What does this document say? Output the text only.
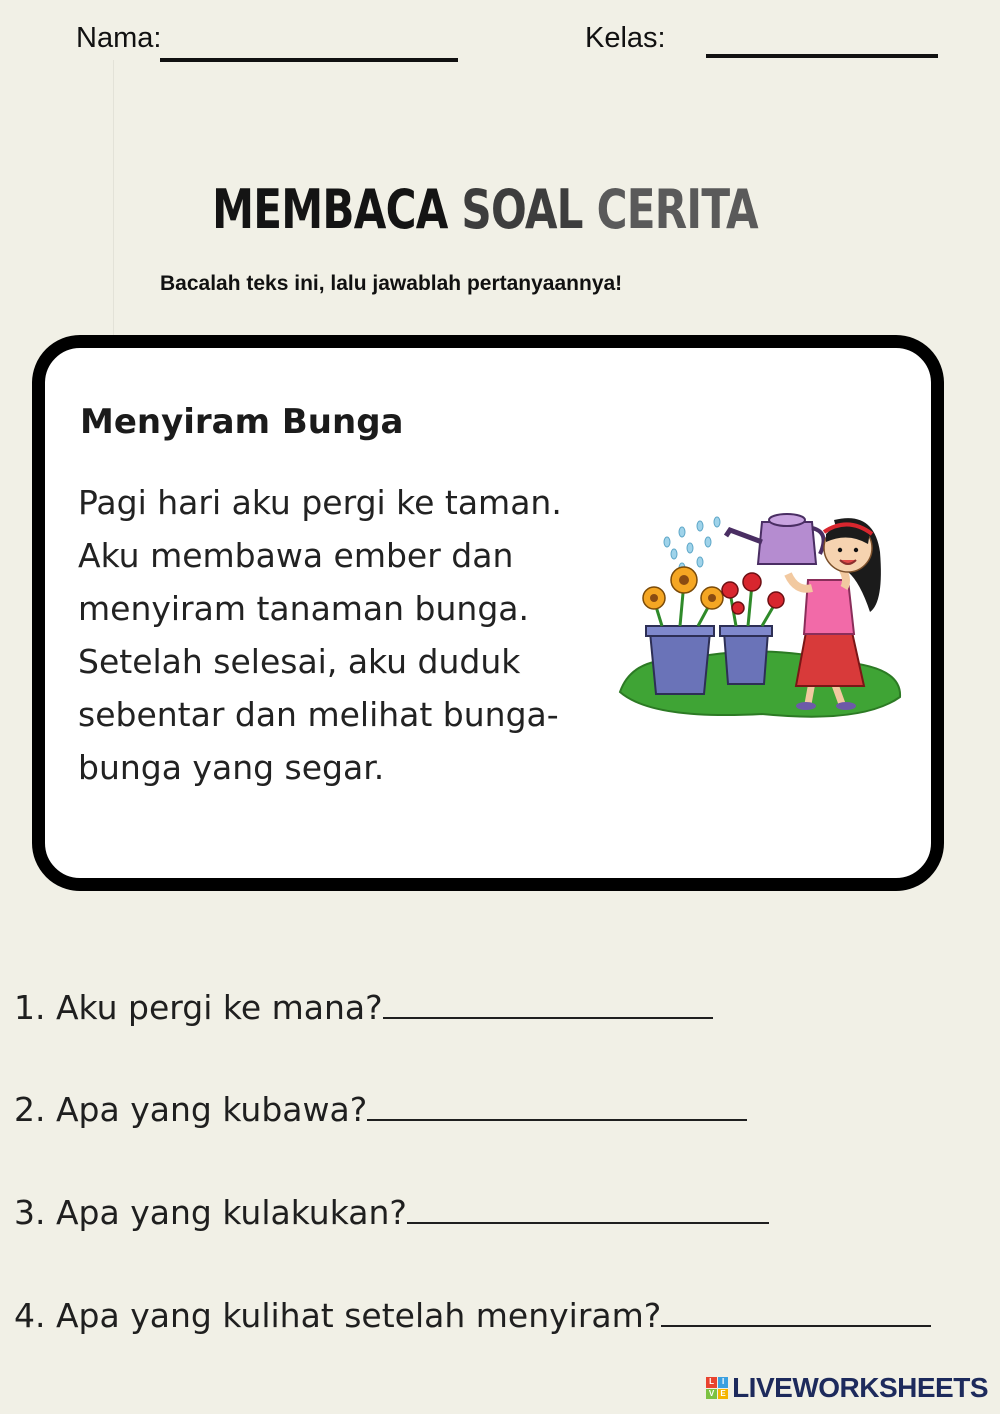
Nama:	Kelas:
MEMBACA SOAL CERITA
Bacalah teks ini, lalu jawablah pertanyaannya!
Menyiram Bunga
Pagi hari aku pergi ke taman.
Aku membawa ember dan
menyiram tanaman bunga.
Setelah selesai, aku duduk
sebentar dan melihat bunga-
bunga yang segar.
1. Aku pergi ke mana?
2. Apa yang kubawa?
3. Apa yang kulakukan?
4. Apa yang kulihat setelah menyiram?
L	I
V E LIVEWORKSHEETS
